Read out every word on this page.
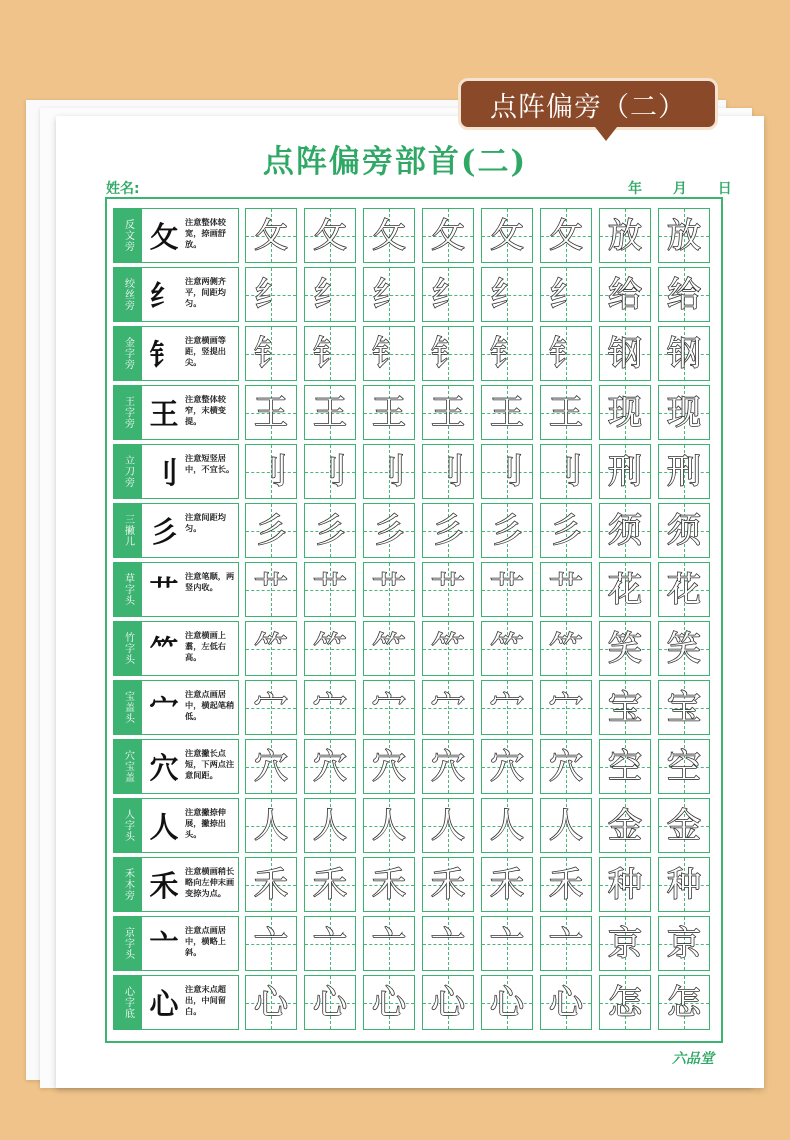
点阵偏旁（二）
点阵偏旁部首(二)
姓名:	年 月 日
反文旁 攵 注意整体较宽，捺画舒放。	攵 攵 攵 攵 攵 攵 放 放
绞丝旁 纟 注意两侧齐平，间距均匀。	纟 纟 纟 纟 纟 纟 给 给
金字旁 钅 注意横画等距，竖提出尖。	钅 钅 钅 钅 钅 钅 钢 钢
王字旁 王 注意整体较窄，末横变提。	王 王 王 王 王 王 现 现
立刀旁 刂 注意短竖居中，不宜长。 刂 刂 刂 刂 刂 刂 刑 刑
三撇儿 彡 注意间距均匀。	彡 彡 彡 彡 彡 彡 须 须
草字头 艹 注意笔顺，两竖内收。	艹 艹 艹 艹 艹 艹 花 花
竹字头 ⺮ 注意横画上翥，左低右高。	⺮ ⺮ ⺮ ⺮ ⺮ ⺮ 笑 笑
宝盖头 宀 注意点画居中，横起笔稍低。	宀 宀 宀 宀 宀 宀 宝 宝
穴宝盖 穴 注意撇长点短，下两点注意间距。	穴 穴 穴 穴 穴 穴 空 空
人字头 人 注意撇捺伸展，撇捺出头。	人 人 人 人 人 人 金 金
禾木旁 禾 注意横画稍长略向左伸末画变捺为点。 禾 禾 禾 禾 禾 禾 种 种
京字头 亠 注意点画居中，横略上斜。	亠 亠 亠 亠 亠 亠 京 京
心字底 心 注意末点超出，中间留白。	心 心 心 心 心 心 怎 怎
六品堂
